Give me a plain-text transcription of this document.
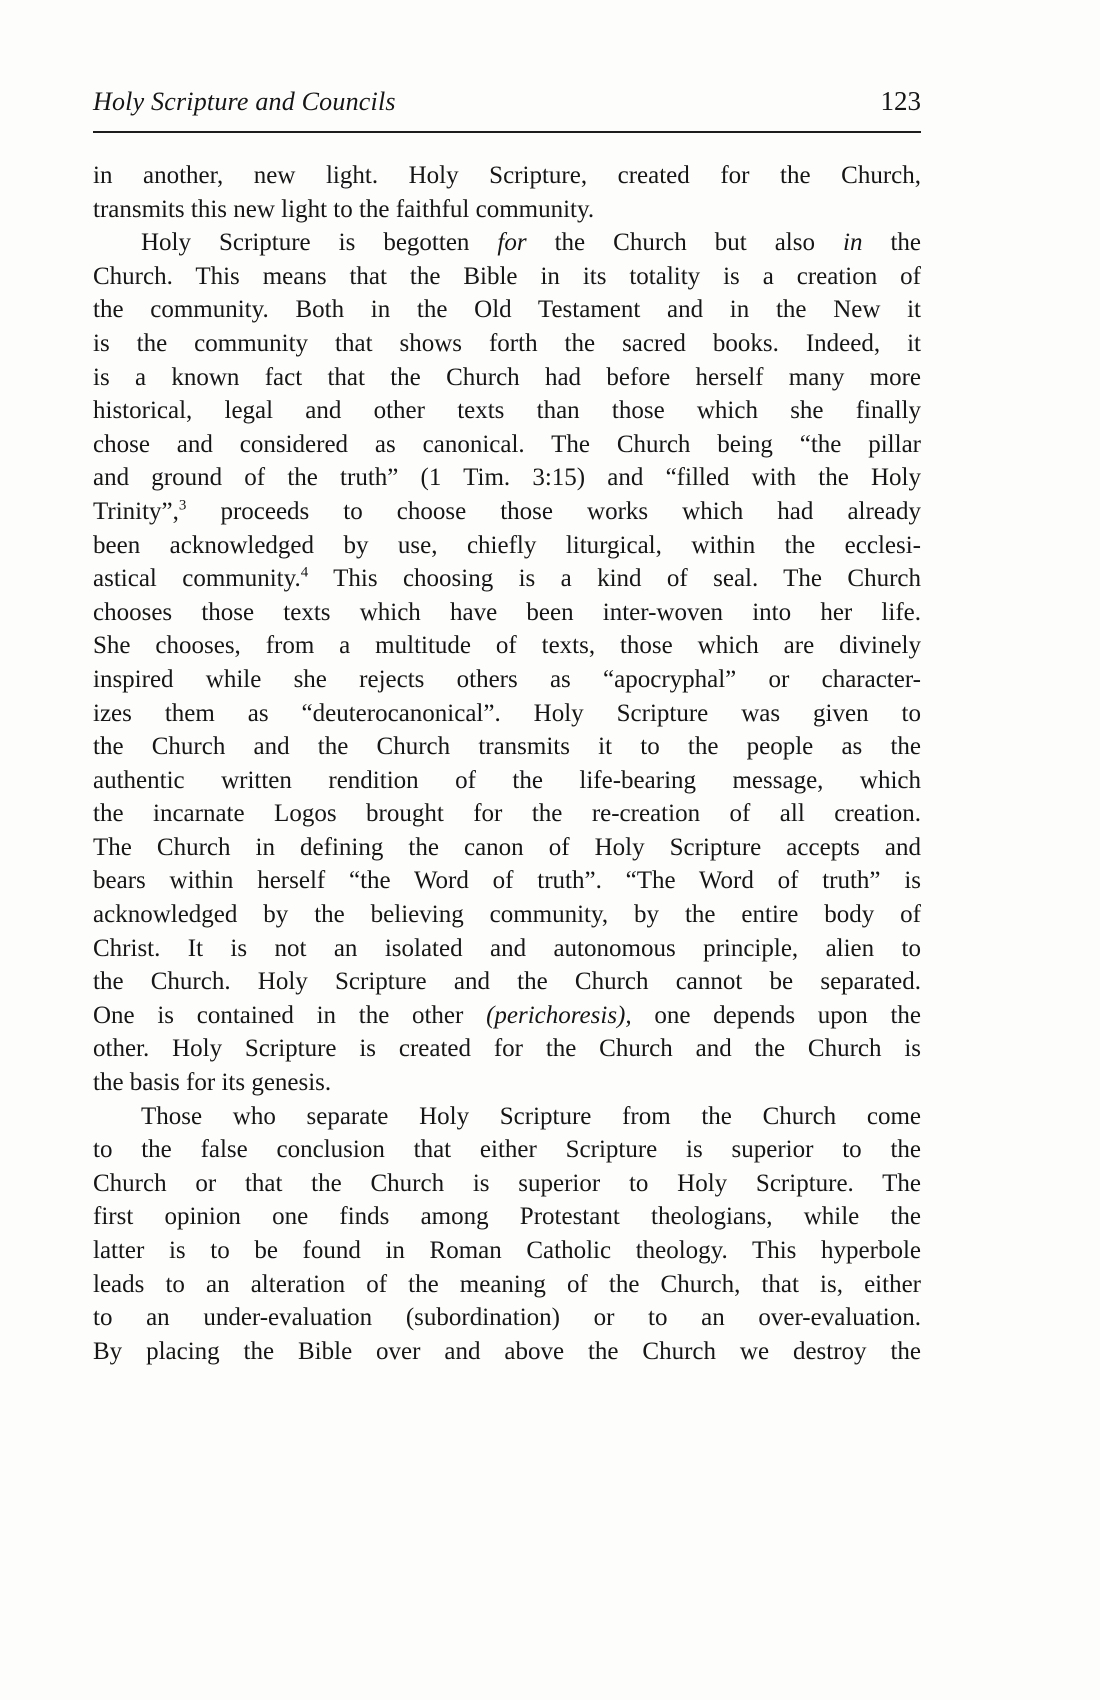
Holy Scripture and Councils	123
in another, new light. Holy Scripture, created for the Church,
transmits this new light to the faithful community.
Holy Scripture is begotten for the Church but also in the
Church. This means that the Bible in its totality is a creation of
the community. Both in the Old Testament and in the New it
is the community that shows forth the sacred books. Indeed, it
is a known fact that the Church had before herself many more
historical, legal and other texts than those which she finally
chose and considered as canonical. The Church being “the pillar
and ground of the truth” (1 Tim. 3:15) and “filled with the Holy
Trinity”,$^3$ proceeds to choose those works which had already
been acknowledged by use, chiefly liturgical, within the ecclesi-
astical community.$^4$ This choosing is a kind of seal. The Church
chooses those texts which have been inter-woven into her life.
She chooses, from a multitude of texts, those which are divinely
inspired while she rejects others as “apocryphal” or character-
izes them as “deuterocanonical”. Holy Scripture was given to
the Church and the Church transmits it to the people as the
authentic written rendition of the life-bearing message, which
the incarnate Logos brought for the re-creation of all creation.
The Church in defining the canon of Holy Scripture accepts and
bears within herself “the Word of truth”. “The Word of truth” is
acknowledged by the believing community, by the entire body of
Christ. It is not an isolated and autonomous principle, alien to
the Church. Holy Scripture and the Church cannot be separated.
One is contained in the other (perichoresis), one depends upon the
other. Holy Scripture is created for the Church and the Church is
the basis for its genesis.
Those who separate Holy Scripture from the Church come
to the false conclusion that either Scripture is superior to the
Church or that the Church is superior to Holy Scripture. The
first opinion one finds among Protestant theologians, while the
latter is to be found in Roman Catholic theology. This hyperbole
leads to an alteration of the meaning of the Church, that is, either
to an under-evaluation (subordination) or to an over-evaluation.
By placing the Bible over and above the Church we destroy the
